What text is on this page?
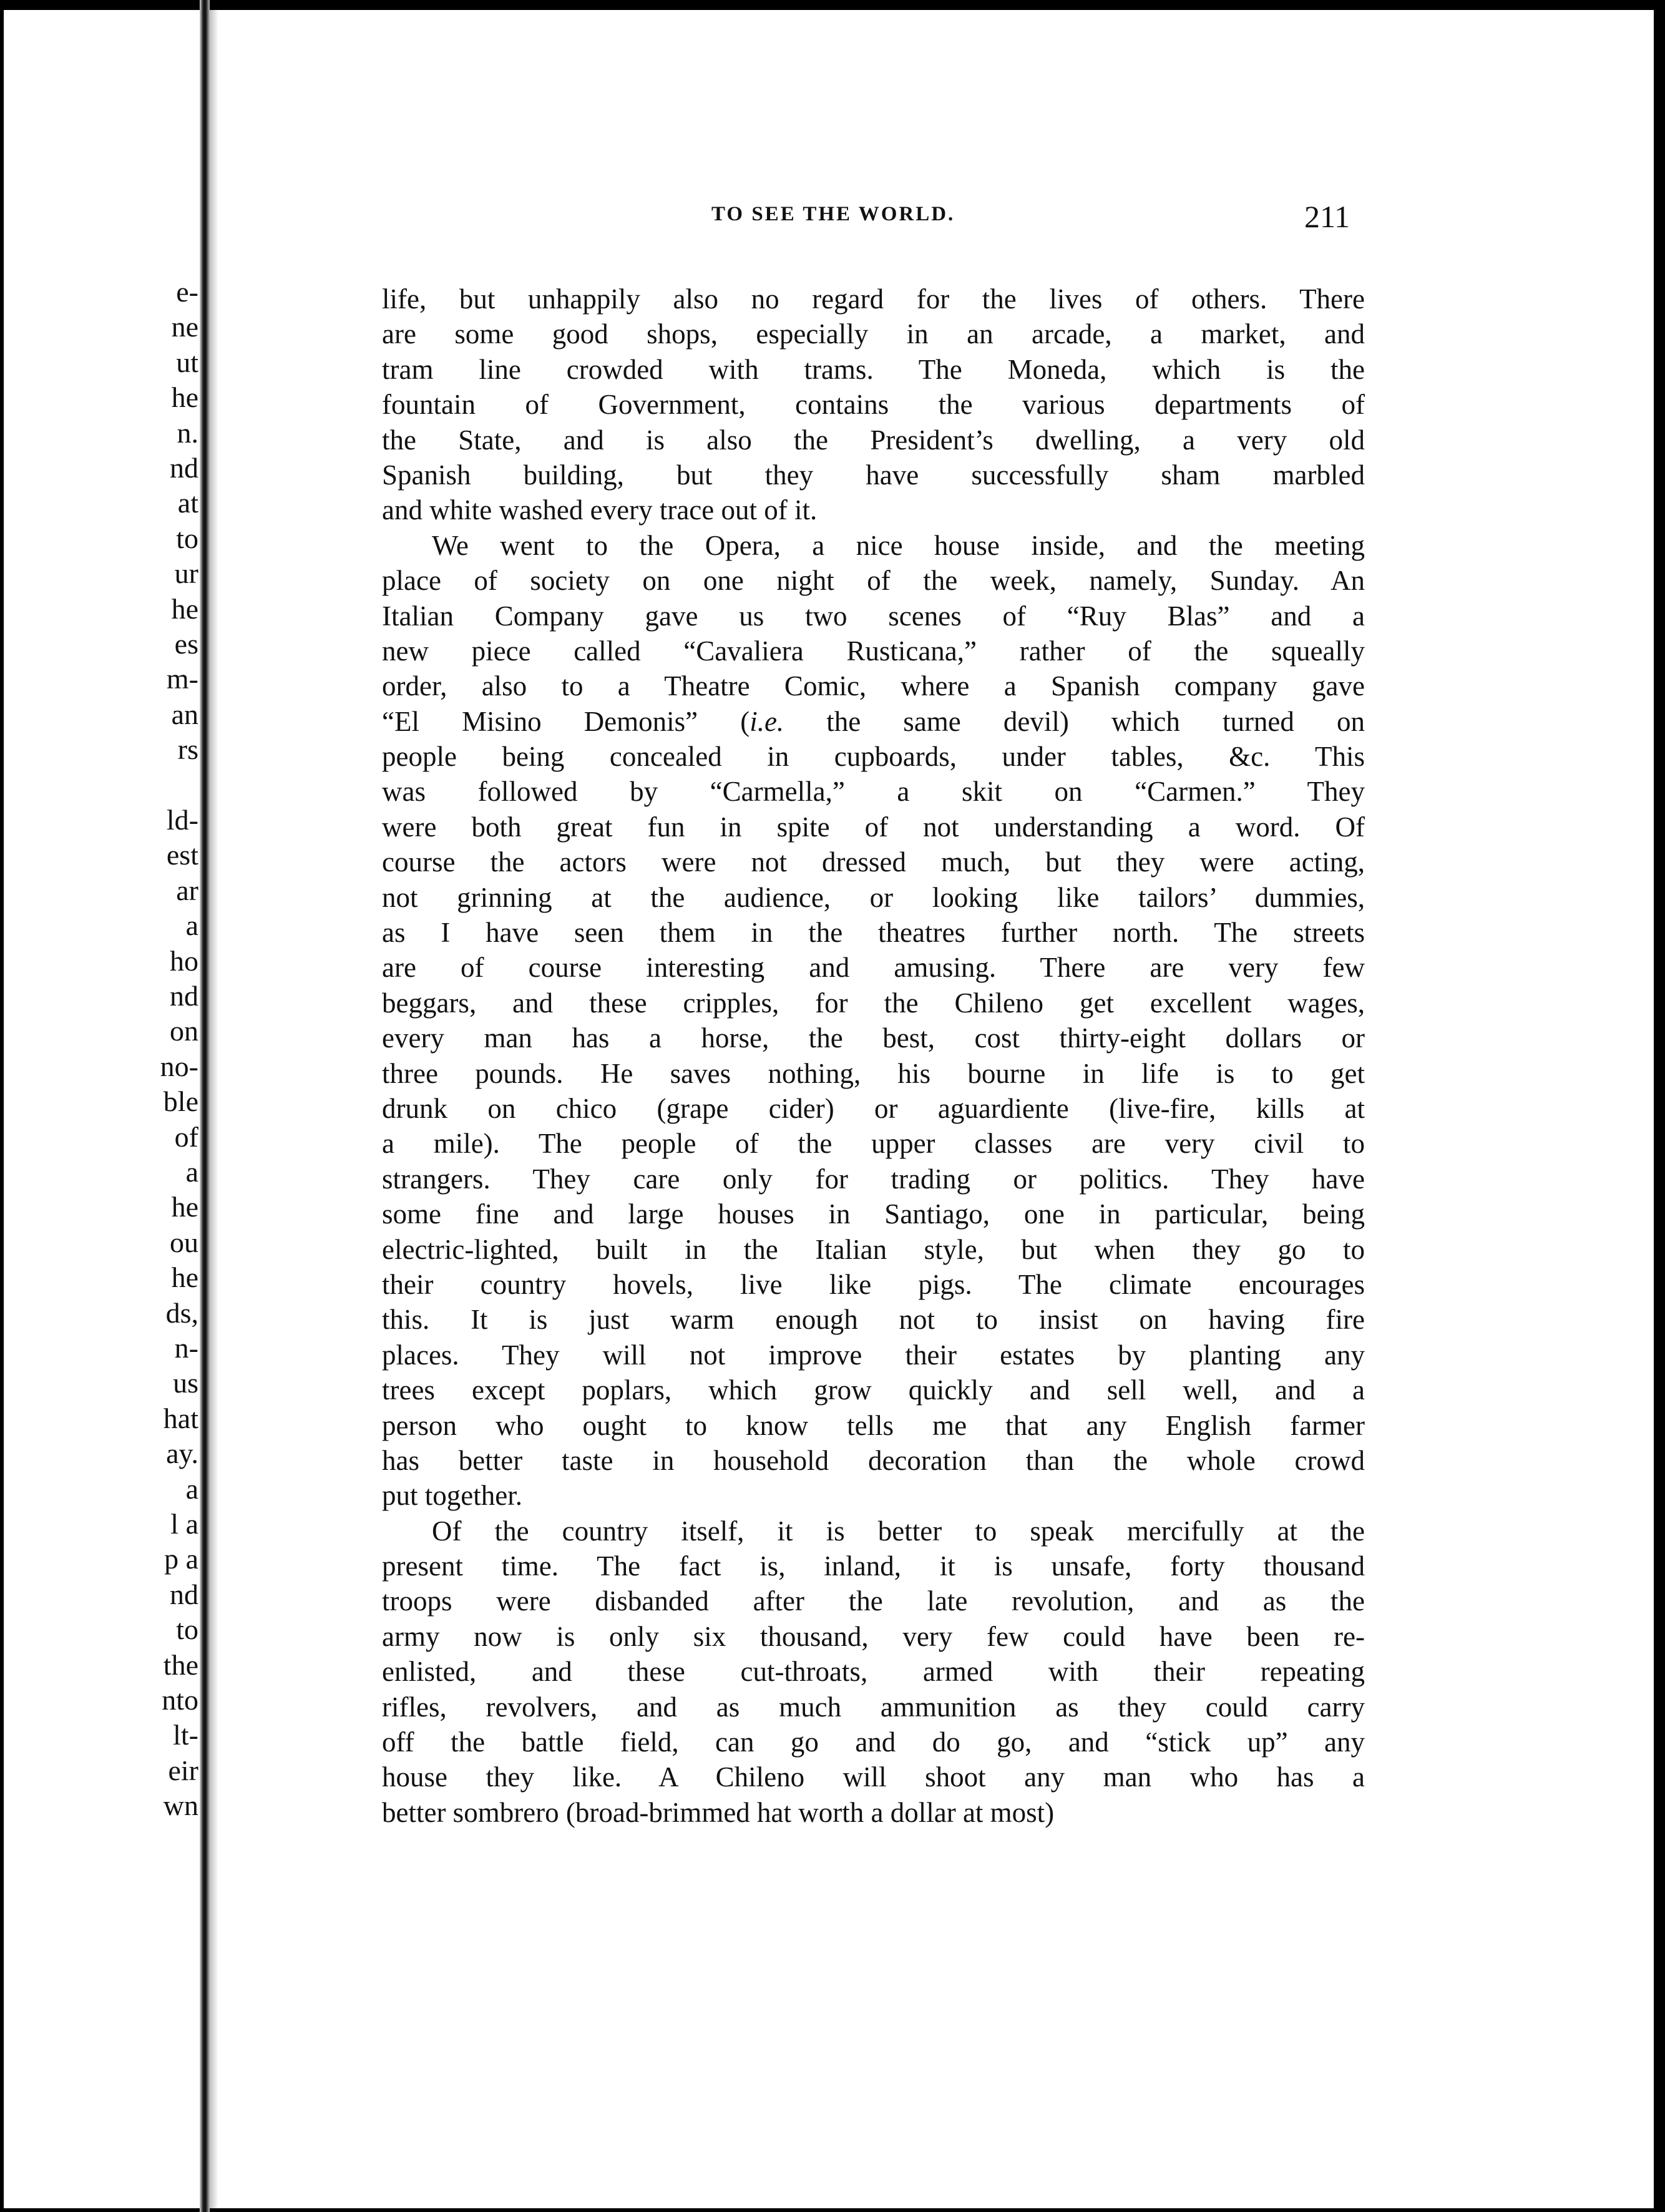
e-
ne
ut
he
n.
nd
at
to
ur
he
es
m-
an
rs
ld-
est
ar
a
ho
nd
on
no-
ble
of
a
he
ou
he
ds,
n-
us
hat
ay.
a
l a
p a
nd
to
the
nto
lt-
eir
wn
TO SEE THE WORLD.	211
life, but unhappily also no regard for the lives of others. There
are some good shops, especially in an arcade, a market, and
tram line crowded with trams. The Moneda, which is the
fountain of Government, contains the various departments of
the State, and is also the President’s dwelling, a very old
Spanish building, but they have successfully sham marbled
and white washed every trace out of it.
We went to the Opera, a nice house inside, and the meeting
place of society on one night of the week, namely, Sunday. An
Italian Company gave us two scenes of “Ruy Blas” and a
new piece called “Cavaliera Rusticana,” rather of the squeally
order, also to a Theatre Comic, where a Spanish company gave
“El Misino Demonis” (i.e. the same devil) which turned on
people being concealed in cupboards, under tables, &c. This
was followed by “Carmella,” a skit on “Carmen.” They
were both great fun in spite of not understanding a word. Of
course the actors were not dressed much, but they were acting,
not grinning at the audience, or looking like tailors’ dummies,
as I have seen them in the theatres further north. The streets
are of course interesting and amusing. There are very few
beggars, and these cripples, for the Chileno get excellent wages,
every man has a horse, the best, cost thirty-eight dollars or
three pounds. He saves nothing, his bourne in life is to get
drunk on chico (grape cider) or aguardiente (live-fire, kills at
a mile). The people of the upper classes are very civil to
strangers. They care only for trading or politics. They have
some fine and large houses in Santiago, one in particular, being
electric-lighted, built in the Italian style, but when they go to
their country hovels, live like pigs. The climate encourages
this. It is just warm enough not to insist on having fire
places. They will not improve their estates by planting any
trees except poplars, which grow quickly and sell well, and a
person who ought to know tells me that any English farmer
has better taste in household decoration than the whole crowd
put together.
Of the country itself, it is better to speak mercifully at the
present time. The fact is, inland, it is unsafe, forty thousand
troops were disbanded after the late revolution, and as the
army now is only six thousand, very few could have been re-
enlisted, and these cut-throats, armed with their repeating
rifles, revolvers, and as much ammunition as they could carry
off the battle field, can go and do go, and “stick up” any
house they like. A Chileno will shoot any man who has a
better sombrero (broad-brimmed hat worth a dollar at most)
